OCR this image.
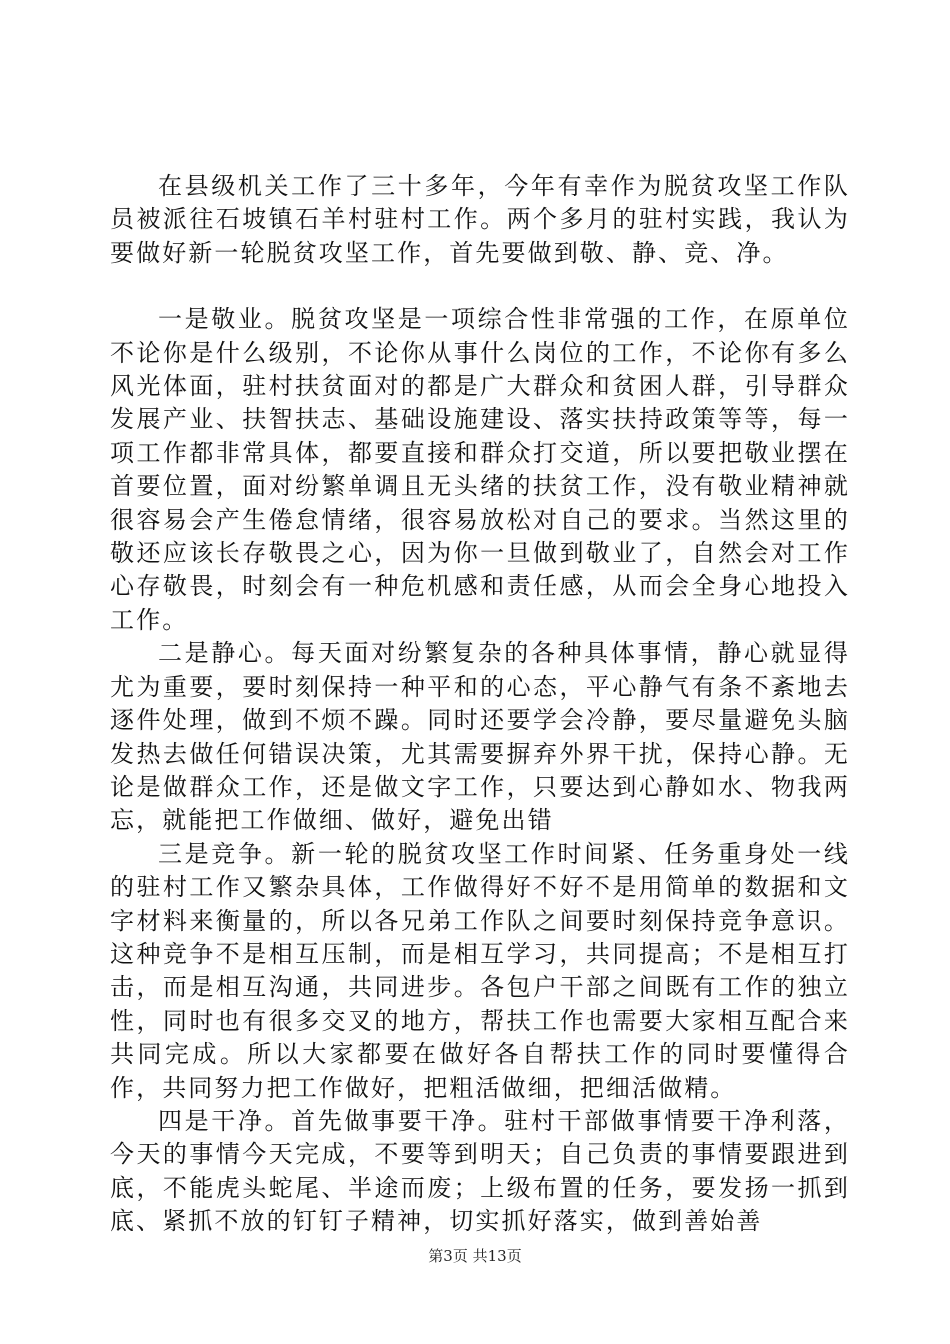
在县级机关工作了三十多年，今年有幸作为脱贫攻坚工作队员被派往石坡镇石羊村驻村工作。两个多月的驻村实践，我认为要做好新一轮脱贫攻坚工作，首先要做到敬、静、竞、净。

一是敬业。脱贫攻坚是一项综合性非常强的工作，在原单位不论你是什么级别，不论你从事什么岗位的工作，不论你有多么风光体面，驻村扶贫面对的都是广大群众和贫困人群，引导群众发展产业、扶智扶志、基础设施建设、落实扶持政策等等，每一项工作都非常具体，都要直接和群众打交道，所以要把敬业摆在首要位置，面对纷繁单调且无头绪的扶贫工作，没有敬业精神就很容易会产生倦怠情绪，很容易放松对自己的要求。当然这里的敬还应该长存敬畏之心，因为你一旦做到敬业了，自然会对工作心存敬畏，时刻会有一种危机感和责任感，从而会全身心地投入工作。

二是静心。每天面对纷繁复杂的各种具体事情，静心就显得尤为重要，要时刻保持一种平和的心态，平心静气有条不紊地去逐件处理，做到不烦不躁。同时还要学会冷静，要尽量避免头脑发热去做任何错误决策，尤其需要摒弃外界干扰，保持心静。无论是做群众工作，还是做文字工作，只要达到心静如水、物我两忘，就能把工作做细、做好，避免出错

三是竞争。新一轮的脱贫攻坚工作时间紧、任务重身处一线的驻村工作又繁杂具体，工作做得好不好不是用简单的数据和文字材料来衡量的，所以各兄弟工作队之间要时刻保持竞争意识。这种竞争不是相互压制，而是相互学习，共同提高；不是相互打击，而是相互沟通，共同进步。各包户干部之间既有工作的独立性，同时也有很多交叉的地方，帮扶工作也需要大家相互配合来共同完成。所以大家都要在做好各自帮扶工作的同时要懂得合作，共同努力把工作做好，把粗活做细，把细活做精。

四是干净。首先做事要干净。驻村干部做事情要干净利落，今天的事情今天完成，不要等到明天；自己负责的事情要跟进到底，不能虎头蛇尾、半途而废；上级布置的任务，要发扬一抓到底、紧抓不放的钉钉子精神，切实抓好落实，做到善始善

第3页 共13页
